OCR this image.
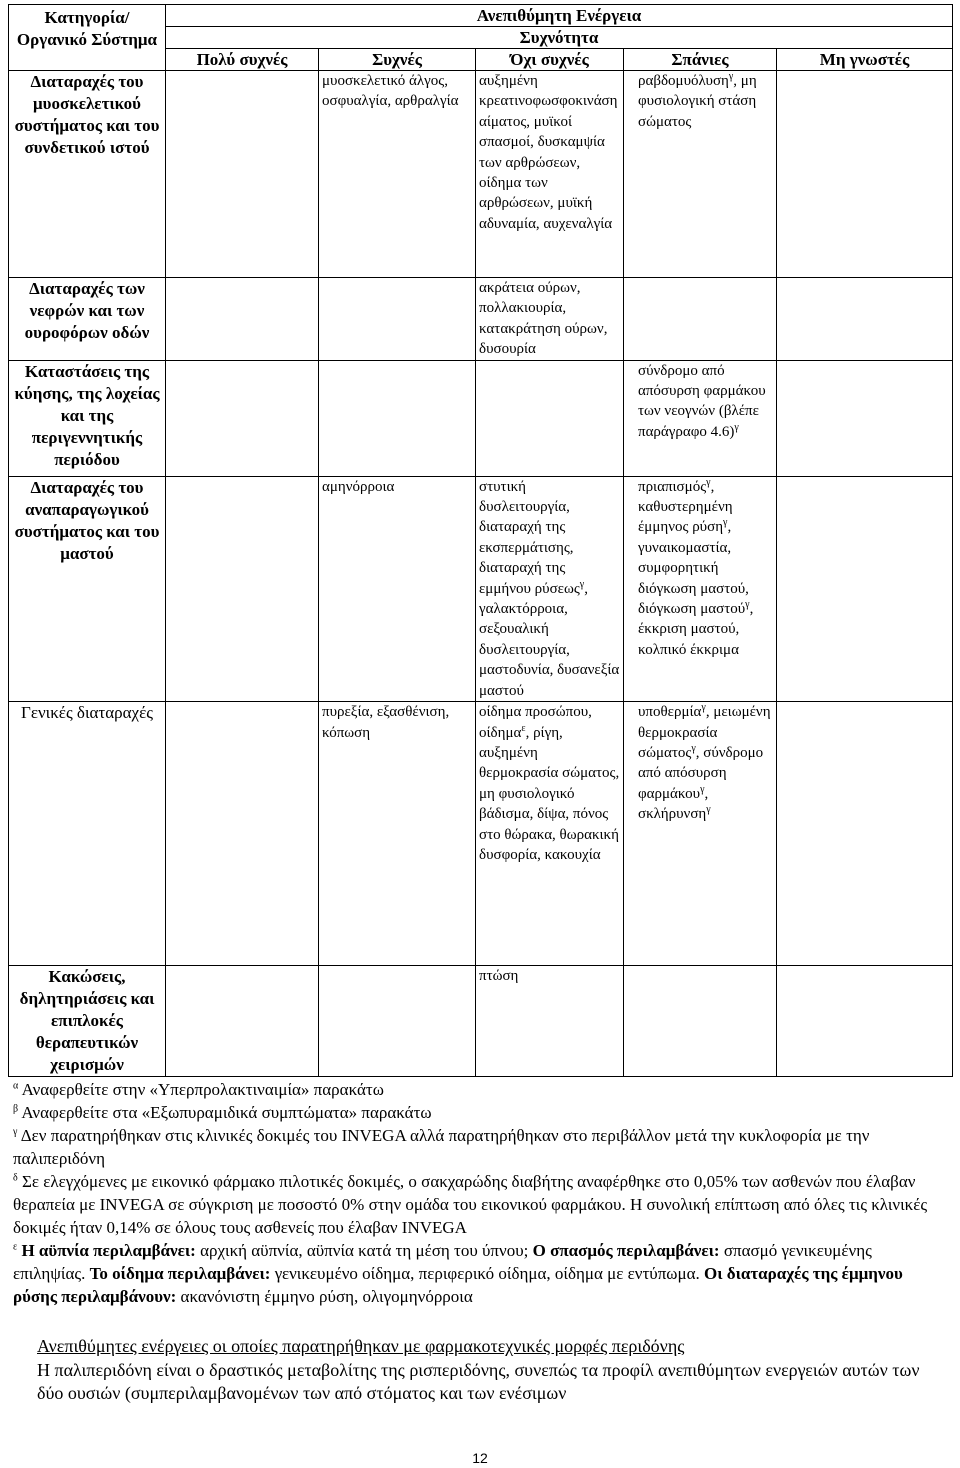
Κατηγορία/ Οργανικό Σύστημα	Ανεπιθύμητη Ενέργεια				
	Συχνότητα				
	Πολύ συχνές	Συχνές	Όχι συχνές	Σπάνιες	Μη γνωστές
Διαταραχές του μυοσκελετικού συστήματος και του συνδετικού ιστού		μυοσκελετικό άλγος, οσφυαλγία, αρθραλγία	αυξημένη κρεατινοφωσφοκινάση αίματος, μυϊκοί σπασμοί, δυσκαμψία των αρθρώσεων, οίδημα των αρθρώσεων, μυϊκή αδυναμία, αυχεναλγία	ραβδομυόλυση$^\gamma$, μη φυσιολογική στάση σώματος	
Διαταραχές των νεφρών και των ουροφόρων οδών			ακράτεια ούρων, πολλακιουρία, κατακράτηση ούρων, δυσουρία		
Καταστάσεις της κύησης, της λοχείας και της περιγεννητικής περιόδου				σύνδρομο από απόσυρση φαρμάκου των νεογνών (βλέπε παράγραφο 4.6)$^\gamma$	
Διαταραχές του αναπαραγωγικού συστήματος και του μαστού		αμηνόρροια	στυτική δυσλειτουργία, διαταραχή της εκσπερμάτισης, διαταραχή της εμμήνου ρύσεως$^\gamma$, γαλακτόρροια, σεξουαλική δυσλειτουργία, μαστοδυνία, δυσανεξία μαστού	πριαπισμός$^\gamma$, καθυστερημένη έμμηνος ρύση$^\gamma$, γυναικομαστία, συμφορητική διόγκωση μαστού, διόγκωση μαστού$^\gamma$, έκκριση μαστού, κολπικό έκκριμα	
Γενικές διαταραχές		πυρεξία, εξασθένιση, κόπωση	οίδημα προσώπου, οίδημα$^\varepsilon$, ρίγη, αυξημένη θερμοκρασία σώματος, μη φυσιολογικό βάδισμα, δίψα, πόνος στο θώρακα, θωρακική δυσφορία, κακουχία	υποθερμία$^\gamma$, μειωμένη θερμοκρασία σώματος$^\gamma$, σύνδρομο από απόσυρση φαρμάκου$^\gamma$, σκλήρυνση$^\gamma$	
Κακώσεις, δηλητηριάσεις και επιπλοκές θεραπευτικών χειρισμών			πτώση		

$^\alpha$ Αναφερθείτε στην «Υπερπρολακτιναιμία» παρακάτω

$^\beta$ Αναφερθείτε στα «Εξωπυραμιδικά συμπτώματα» παρακάτω

$^\gamma$ Δεν παρατηρήθηκαν στις κλινικές δοκιμές του INVEGA αλλά παρατηρήθηκαν στο περιβάλλον μετά την κυκλοφορία με την παλιπεριδόνη

$^\delta$ Σε ελεγχόμενες με εικονικό φάρμακο πιλοτικές δοκιμές, ο σακχαρώδης διαβήτης αναφέρθηκε στο 0,05% των ασθενών που έλαβαν θεραπεία με INVEGA σε σύγκριση με ποσοστό 0% στην ομάδα του εικονικού φαρμάκου. Η συνολική επίπτωση από όλες τις κλινικές δοκιμές ήταν 0,14% σε όλους τους ασθενείς που έλαβαν INVEGA

$^\varepsilon$ Η αϋπνία περιλαμβάνει: αρχική αϋπνία, αϋπνία κατά τη μέση του ύπνου; Ο σπασμός περιλαμβάνει: σπασμό γενικευμένης επιληψίας. Το οίδημα περιλαμβάνει: γενικευμένο οίδημα, περιφερικό οίδημα, οίδημα με εντύπωμα. Οι διαταραχές της έμμηνου ρύσης περιλαμβάνουν: ακανόνιστη έμμηνο ρύση, ολιγομηνόρροια

Ανεπιθύμητες ενέργειες οι οποίες παρατηρήθηκαν με φαρμακοτεχνικές μορφές περιδόνης

Η παλιπεριδόνη είναι ο δραστικός μεταβολίτης της ρισπεριδόνης, συνεπώς τα προφίλ ανεπιθύμητων ενεργειών αυτών των δύο ουσιών (συμπεριλαμβανομένων των από στόματος και των ενέσιμων

12
